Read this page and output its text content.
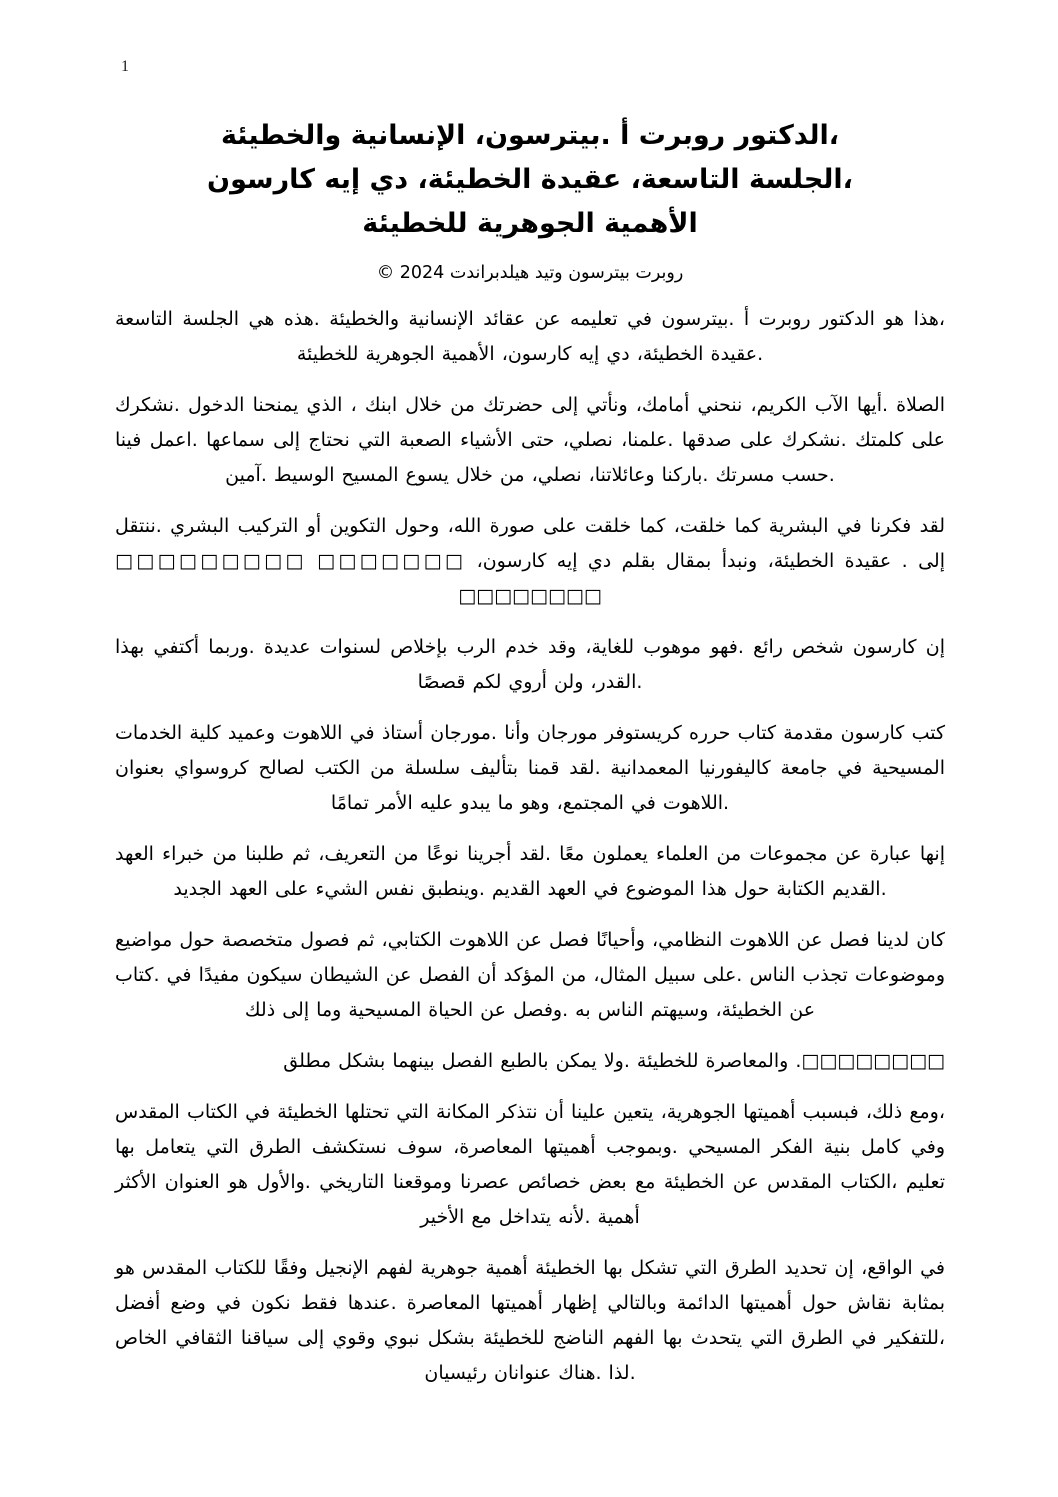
1
،الدكتور روبرت أ .بيترسون، الإنسانية والخطيئة
،الجلسة التاسعة، عقيدة الخطيئة، دي إيه كارسون
الأهمية الجوهرية للخطيئة
روبرت بيترسون وتيد هيلدبراندت 2024 ©

،هذا هو الدكتور روبرت أ .بيترسون في تعليمه عن عقائد الإنسانية والخطيئة .هذه هي الجلسة التاسعة .عقيدة الخطيئة، دي إيه كارسون، الأهمية الجوهرية للخطيئة

الصلاة .أيها الآب الكريم، ننحني أمامك، ونأتي إلى حضرتك من خلال ابنك ، الذي يمنحنا الدخول .نشكرك على كلمتك .نشكرك على صدقها .علمنا، نصلي، حتى الأشياء الصعبة التي نحتاج إلى سماعها .اعمل فينا .حسب مسرتك .باركنا وعائلاتنا، نصلي، من خلال يسوع المسيح الوسيط .آمين

لقد فكرنا في البشرية كما خلقت، كما خلقت على صورة الله، وحول التكوين أو التركيب البشري .ننتقل إلى . عقيدة الخطيئة، ونبدأ بمقال بقلم دي إيه كارسون، □□□□□□□ □□□□□□□□□ □□□□□□□□

إن كارسون شخص رائع .فهو موهوب للغاية، وقد خدم الرب بإخلاص لسنوات عديدة .وربما أكتفي بهذا .القدر، ولن أروي لكم قصصًا

كتب كارسون مقدمة كتاب حرره كريستوفر مورجان وأنا .مورجان أستاذ في اللاهوت وعميد كلية الخدمات المسيحية في جامعة كاليفورنيا المعمدانية .لقد قمنا بتأليف سلسلة من الكتب لصالح كروسواي بعنوان .اللاهوت في المجتمع، وهو ما يبدو عليه الأمر تمامًا

إنها عبارة عن مجموعات من العلماء يعملون معًا .لقد أجرينا نوعًا من التعريف، ثم طلبنا من خبراء العهد .القديم الكتابة حول هذا الموضوع في العهد القديم .وينطبق نفس الشيء على العهد الجديد

كان لدينا فصل عن اللاهوت النظامي، وأحيانًا فصل عن اللاهوت الكتابي، ثم فصول متخصصة حول مواضيع وموضوعات تجذب الناس .على سبيل المثال، من المؤكد أن الفصل عن الشيطان سيكون مفيدًا في .كتاب عن الخطيئة، وسيهتم الناس به .وفصل عن الحياة المسيحية وما إلى ذلك

□□□□□□□□. والمعاصرة للخطيئة .ولا يمكن بالطبع الفصل بينهما بشكل مطلق

،ومع ذلك، فبسبب أهميتها الجوهرية، يتعين علينا أن نتذكر المكانة التي تحتلها الخطيئة في الكتاب المقدس وفي كامل بنية الفكر المسيحي .وبموجب أهميتها المعاصرة، سوف نستكشف الطرق التي يتعامل بها تعليم ،الكتاب المقدس عن الخطيئة مع بعض خصائص عصرنا وموقعنا التاريخي .والأول هو العنوان الأكثر أهمية .لأنه يتداخل مع الأخير

في الواقع، إن تحديد الطرق التي تشكل بها الخطيئة أهمية جوهرية لفهم الإنجيل وفقًا للكتاب المقدس هو بمثابة نقاش حول أهميتها الدائمة وبالتالي إظهار أهميتها المعاصرة .عندها فقط نكون في وضع أفضل ،للتفكير في الطرق التي يتحدث بها الفهم الناضج للخطيئة بشكل نبوي وقوي إلى سياقنا الثقافي الخاص .لذا .هناك عنوانان رئيسيان
